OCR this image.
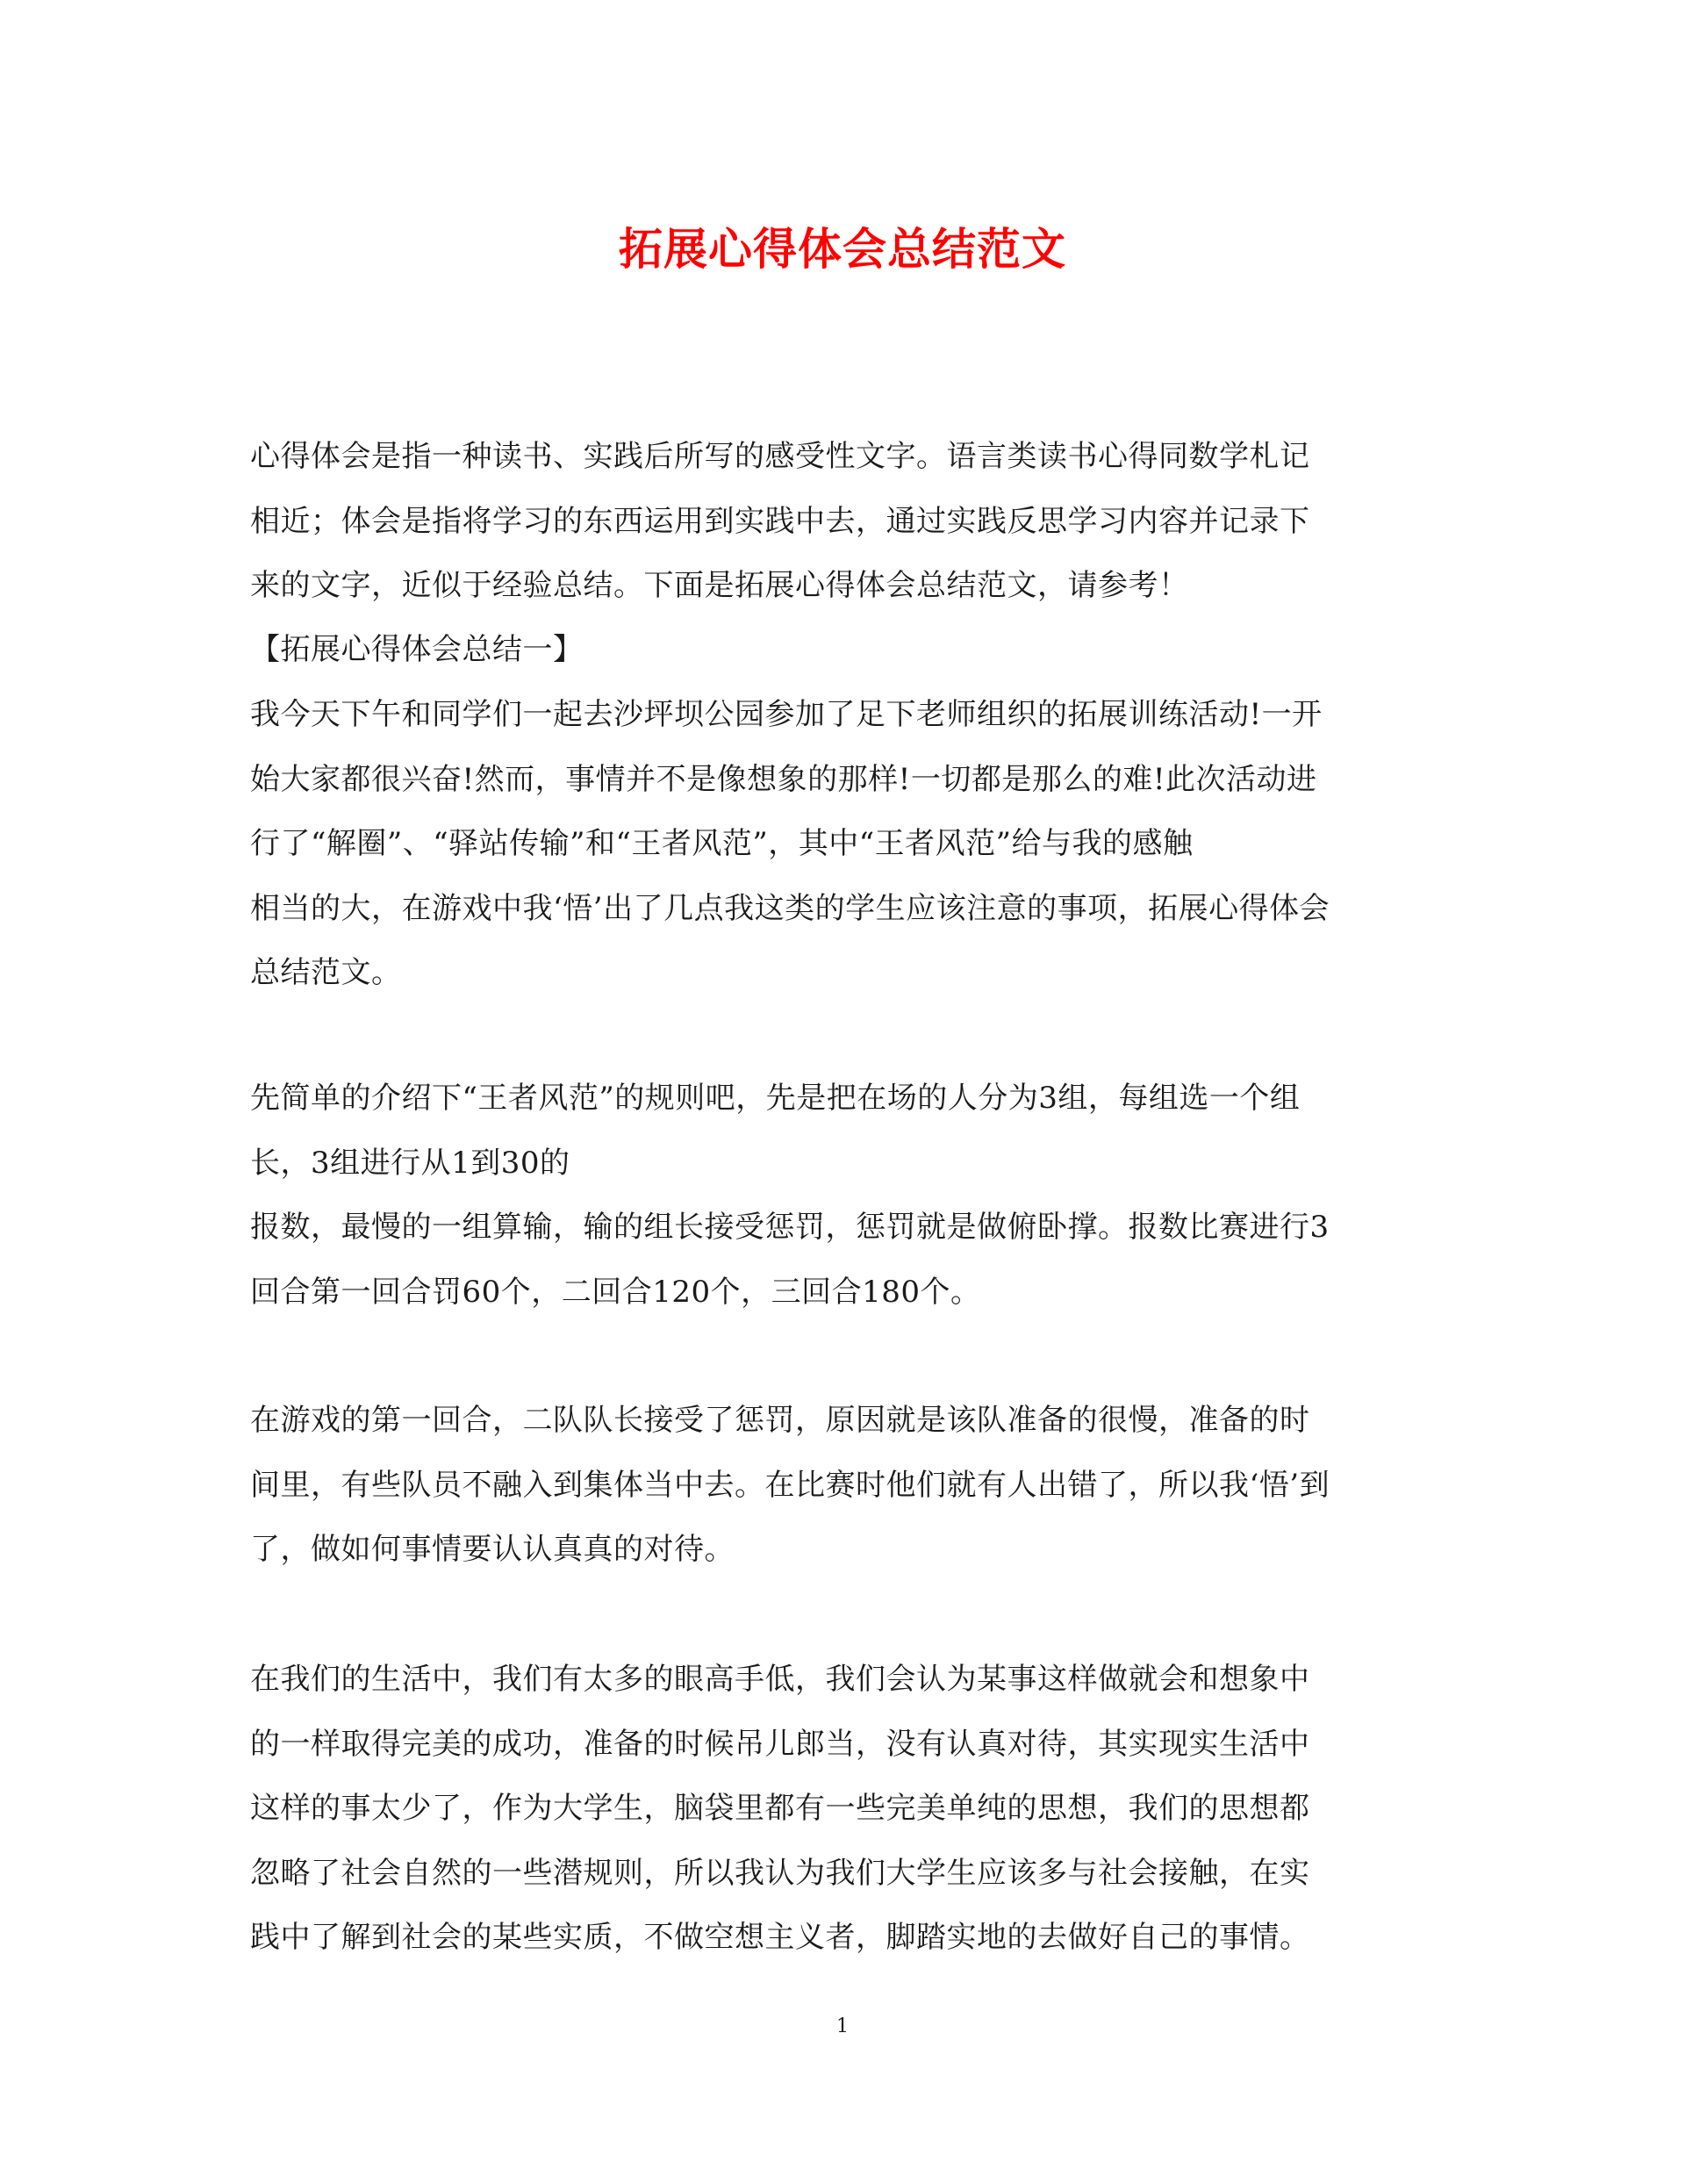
拓展心得体会总结范文

心得体会是指一种读书、实践后所写的感受性文字。语言类读书心得同数学札记

相近；体会是指将学习的东西运用到实践中去，通过实践反思学习内容并记录下

来的文字，近似于经验总结。下面是拓展心得体会总结范文，请参考！

【拓展心得体会总结一】

我今天下午和同学们一起去沙坪坝公园参加了足下老师组织的拓展训练活动!一开

始大家都很兴奋!然而，事情并不是像想象的那样!一切都是那么的难!此次活动进

行了“解圈”、“驿站传输”和“王者风范”，其中“王者风范”给与我的感触

相当的大，在游戏中我‘悟’出了几点我这类的学生应该注意的事项，拓展心得体会

总结范文。

先简单的介绍下“王者风范”的规则吧，先是把在场的人分为3组，每组选一个组

长，3组进行从1到30的

报数，最慢的一组算输，输的组长接受惩罚，惩罚就是做俯卧撑。报数比赛进行3

回合第一回合罚60个，二回合120个，三回合180个。

在游戏的第一回合，二队队长接受了惩罚，原因就是该队准备的很慢，准备的时

间里，有些队员不融入到集体当中去。在比赛时他们就有人出错了，所以我‘悟’到

了，做如何事情要认认真真的对待。

在我们的生活中，我们有太多的眼高手低，我们会认为某事这样做就会和想象中

的一样取得完美的成功，准备的时候吊儿郎当，没有认真对待，其实现实生活中

这样的事太少了，作为大学生，脑袋里都有一些完美单纯的思想，我们的思想都

忽略了社会自然的一些潜规则，所以我认为我们大学生应该多与社会接触，在实

践中了解到社会的某些实质，不做空想主义者，脚踏实地的去做好自己的事情。

1
